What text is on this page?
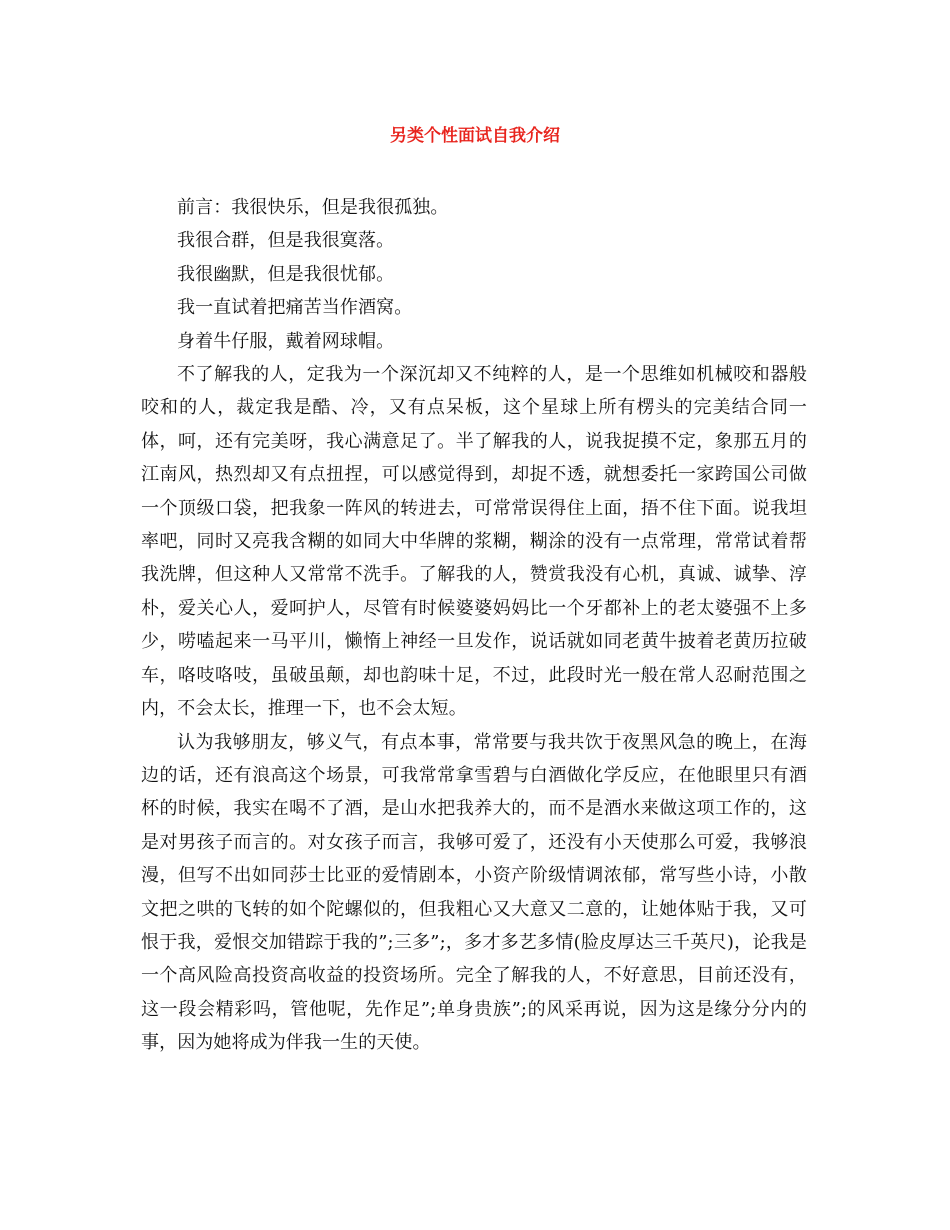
另类个性面试自我介绍

前言：我很快乐，但是我很孤独。

我很合群，但是我很寞落。

我很幽默，但是我很忧郁。

我一直试着把痛苦当作酒窝。

身着牛仔服，戴着网球帽。

不了解我的人，定我为一个深沉却又不纯粹的人，是一个思维如机械咬和器般咬和的人，裁定我是酷、冷，又有点呆板，这个星球上所有楞头的完美结合同一体，呵，还有完美呀，我心满意足了。半了解我的人，说我捉摸不定，象那五月的江南风，热烈却又有点扭捏，可以感觉得到，却捉不透，就想委托一家跨国公司做一个顶级口袋，把我象一阵风的转进去，可常常误得住上面，捂不住下面。说我坦率吧，同时又亮我含糊的如同大中华牌的浆糊，糊涂的没有一点常理，常常试着帮我洗牌，但这种人又常常不洗手。了解我的人，赞赏我没有心机，真诚、诚挚、淳朴，爱关心人，爱呵护人，尽管有时候婆婆妈妈比一个牙都补上的老太婆强不上多少，唠嗑起来一马平川，懒惰上神经一旦发作，说话就如同老黄牛披着老黄历拉破车，咯吱咯吱，虽破虽颠，却也韵味十足，不过，此段时光一般在常人忍耐范围之内，不会太长，推理一下，也不会太短。

认为我够朋友，够义气，有点本事，常常要与我共饮于夜黑风急的晚上，在海边的话，还有浪高这个场景，可我常常拿雪碧与白酒做化学反应，在他眼里只有酒杯的时候，我实在喝不了酒，是山水把我养大的，而不是酒水来做这项工作的，这是对男孩子而言的。对女孩子而言，我够可爱了，还没有小天使那么可爱，我够浪漫，但写不出如同莎士比亚的爱情剧本，小资产阶级情调浓郁，常写些小诗，小散文把之哄的飞转的如个陀螺似的，但我粗心又大意又二意的，让她体贴于我，又可恨于我，爱恨交加错踪于我的”;三多”;，多才多艺多情(脸皮厚达三千英尺)，论我是一个高风险高投资高收益的投资场所。完全了解我的人，不好意思，目前还没有，这一段会精彩吗，管他呢，先作足”;单身贵族”;的风采再说，因为这是缘分分内的事，因为她将成为伴我一生的天使。
